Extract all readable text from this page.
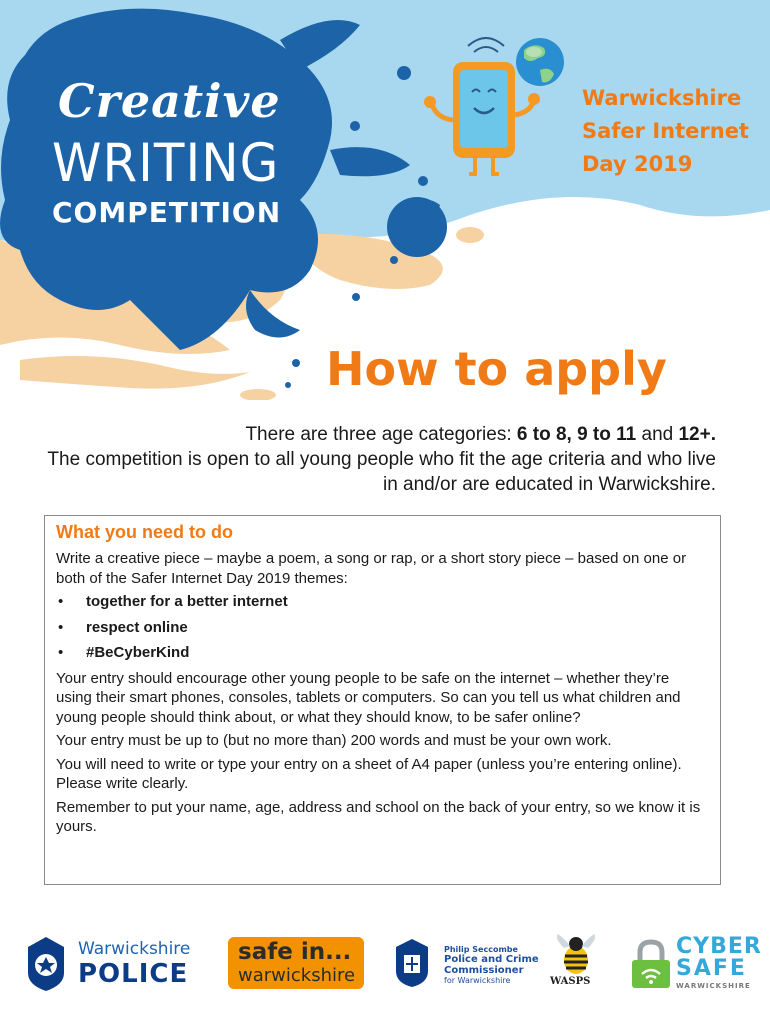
Creative
WRITING
COMPETITION
Warwickshire
Safer Internet
Day 2019
How to apply
There are three age categories: 6 to 8, 9 to 11 and 12+.
The competition is open to all young people who fit the age criteria and who live in and/or are educated in Warwickshire.
What you need to do

Write a creative piece – maybe a poem, a song or rap, or a short story piece – based on one or both of the Safer Internet Day 2019 themes:

• together for a better internet
• respect online
• #BeCyberKind

Your entry should encourage other young people to be safe on the internet – whether they’re using their smart phones, consoles, tablets or computers. So can you tell us what children and young people should think about, or what they should know, to be safer online?

Your entry must be up to (but no more than) 200 words and must be your own work.

You will need to write or type your entry on a sheet of A4 paper (unless you’re entering online). Please write clearly.

Remember to put your name, age, address and school on the back of your entry, so we know it is yours.

Warwickshire
POLICE
safe in...
warwickshire
Philip Seccombe
Police and Crime
Commissioner
for Warwickshire	WASPS
CYBER
SAFE
WARWICKSHIRE
